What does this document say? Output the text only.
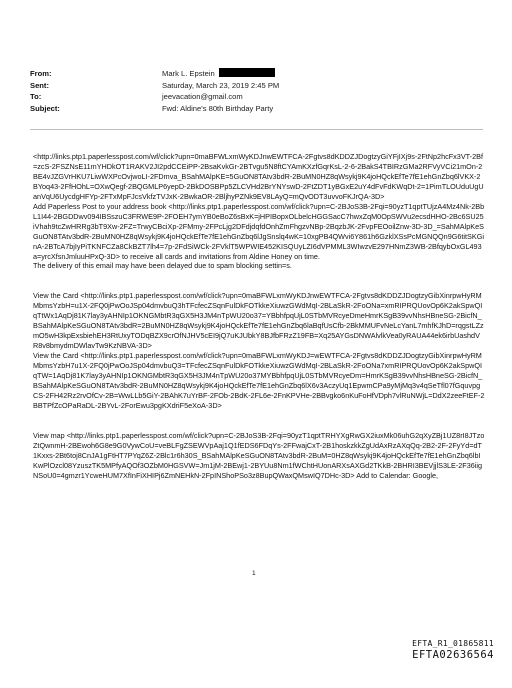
From:	Mark L. Epstein
Sent:	Saturday, March 23, 2019 2:45 PM
To:	jeevacation@gmail.com
Subject:	Fwd: Aldine's 80th Birthday Party

<http://links.ptp1.paperlesspost.com/wf/click?upn=0maBFWLxmWyKDJnwEWTFCA-2Fgtvs8dKDDZJDogtzyGiYFjIXj9s-2FtNp2hcFx3VT-2Bf=zcS-2FSZNsE11mYHDkOT1RAKV2JI2pdCCEiPP-2BsaKvkGr-2BTvgu5N8ftCYAmKXzfGqrKsL-2-6-2BakS4TBIRzGMa2RFVyVCi21mOn-2BE4vJZGVrHKU7LiwWXPcOvjwoLI-2FDmva_BSahMAlpKE=5GuON8TAtv3bdR-2BuMN0HZ8qWsykj9K4joHQckEfTe7fE1ehGnZbq6lVKX-2BYoq43-2FfHOhL=OXwQegf-2BQGMLP6yepD-2BkDOSBPp5ZLCVHd2BrYNYswD-2FtZDT1yBGxE2uY4dFvFdKWqDt-2=1PimTLOUduUgUanVqU6UycdgHFYp-2FTxMpFJcsVkfzTVJxK-2BwkaOR-2BljhyPZNk9EV8LAyQ=mQvODT3uvvoFKJrQA-3D>
Add Paperless Post to your address book <http://links.ptp1.paperlesspost.com/wf/click?upn=C-2BJoS3B-2Fqi=90yzT1qptTUjzA4Mz4Nk-2BbL1I44-2BGDDwv094IBSszuC3FRWE9P-2FOEH7ymYB0eBoZ6sBxK=jHPIBopxOLbelcHGGSacC7hwxZqM0OpSWVu2ecsdHHO-2Bc6SU25iVhah9tcZwHRRg3bT9Xw-2FZ=TrwyCBciXp-2FMmy-2FPcLjg2DFdjdqfdOnhZmFhgzvNBp-2BqzbJK-2FvpFEOoilZnw-3D-3D_=SahMAlpKeSGuON8TAtv3bdR-2BuMN0HZ8qWsykj9K4joHQckEfTe7fE1ehGnZbq6lJgSnslq4wK=10xgPB4QWvi6Y861h6GzklXSsPcMGNQQn9G6titSKGinA-2BTcA7bjIyPiTKNFCZa8CkBZT7lh4=7p-2FdSiWCk-2FVklT5WPWIE452KISQUyLZI6dVPMML3WIwzvE297HNmZ3WB-2BfqybOxGL493a=yrcXfsnJmluuHPxQ-3D> to receive all cards and invitations from Aldine Honey on time.
The delivery of this email may have been delayed due to spam blocking settin=s.

View the Card <http://links.ptp1.paperlesspost.com/wf/click?upn=0maBFWLxmWyKDJnwEWTFCA-2Fgtvs8dKDDZJDogtzyGibXinrpwHyRMMbmsYzbH=u1X-2FQ0jPwOoJSp04dmvbuQ3hTFcfecZSqnFulDkFOTkkeXiuwzGWdMqI-2BLaSkR-2FoONa=xmRIPRQUovOp6K2akSpwQIqTtWx1AqDj81K7lay3yAHNIp1OKNGMbtR3qGX5H3JM4nTpWU20o37=YBbhfpqUjL0STbMVRcyeDmeHmrKSgB39vvNhsHBneSG-2BicfN_BSahMAlpKeSGuON8TAtv3bdR=2BuMN0HZ8qWsykj9K4joHQckEfTe7fE1ehGnZbq6laBqfUsCfb-2BkMMUFvNeLcYanL7mhfKJhD=rqgstLZzmO5wH3kpExsbiehEH3RtUxyTODqBZX9crOfNJHV5cEI9jQ7uKJUbkY8BJfbFRzZ19FB=Xq25AYGsDNWAlvlkVea0yRAUA44ek6irbUashdVR8v8bmydmDWlavTw9KzNBVA-3D>
View the Card <http://links.ptp1.paperlesspost.com/wf/click?upn=0maBFWLxmWyKDJ=wEWTFCA-2Fgtvs8dKDDZJDogtzyGibXinrpwHyRMMbmsYzbH7u1X-2FQ0jPwOoJSp04dmvbuQ3=TFcfecZSqnFulDkFOTkkeXiuwzGWdMqI-2BLaSkR-2FoONa7xmRIPRQUovOp6K2akSpwQIqTW=1AqDj81K7lay3yAHNIp1OKNGMbtR3qGX5H3JM4nTpWU20o37MYBbhfpqUjL0STbMVRcyeDm=HmrKSgB39vvNhsHBneSG-2BicfN_BSahMAlpKeSGuON8TAtv3bdR-2BuMN0HZ8qWsykj9K4joHQckEfTe7fE1ehGnZbq6lX6v3AczyUq1EpwmCPa9yMjMq3v4qSeTfl07fGquvpgCS-2FH42Rz2rvOfCv-2B=WwLLb5GiY-2BAhK7uYrBF-2FOb-2BdK-2FL6e-2FnKPVHe-2BBvgko6nKuFoHfVDph7vlRuNWjL=DdX2zeeFtEF-2BBTPfZcOPaRaDL-2BYvL-2ForEwu3pgKXdriF5eXoA-3D>

View map <http://links.ptp1.paperlesspost.com/wf/click?upn=C-2BJoS3B-2Fqi=90yzT1qptTRHYXgRwGX2iuxMk06uhG2qXyZBj1UZ8rI8JTzoZtQwnmH-2BEwoh6G8e9G0VywCoU=veBLFgZSEWVpAaj1Q1fEDS6FDqYs-2FFwajCxT-2B1hoskzkkZgUdAxRzAXqQq-2B2-2F-2FyYd=dT1Kxxs-2Bt6toj8CnJA1gFtHT7PYqZ6Z-2Blc1r6h30S_BSahMAlpKeSGuON8TAtv3bdR-2BuM=0HZ8qWsykj9K4joHQckEfTe7fE1ehGnZbq6lbIKwPlOzcl08YzuszTK5MPfyAQOf3OZbM0HGSVW=Jm1jM-2BEwj1-2BYUu8Nm1fWChtHUonARXsAXGd2TKkB-2BHRI3BEVjjlS3LE-2F36iigNSoU0=4gmzr1YcweHUM7XfInFiXHIPj6ZmNEHkN-2FpINShoPSo3z8BupQWaxQMswIQ7DHc-3D> Add to Calendar: Google,

1
EFTA_R1_01865811
EFTA02636564
